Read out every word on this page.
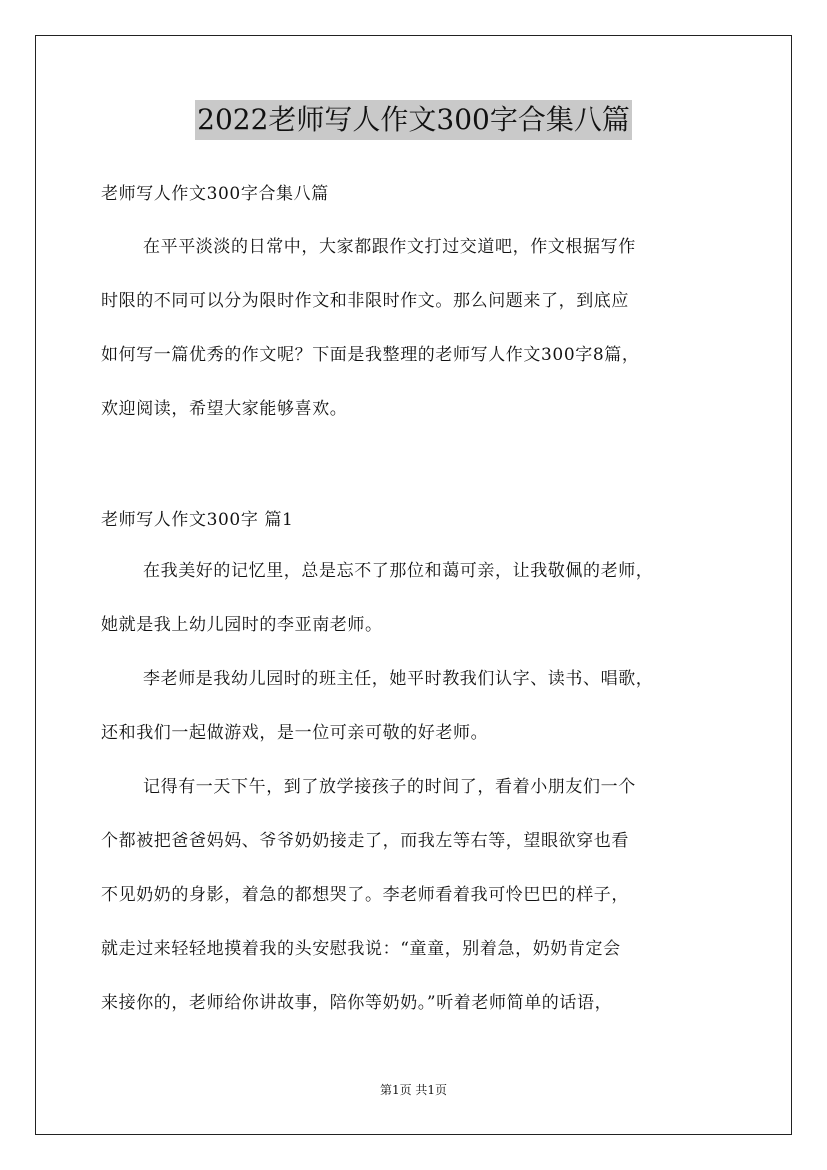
2022老师写人作文300字合集八篇
老师写人作文300字合集八篇
在平平淡淡的日常中，大家都跟作文打过交道吧，作文根据写作
时限的不同可以分为限时作文和非限时作文。那么问题来了，到底应
如何写一篇优秀的作文呢？下面是我整理的老师写人作文300字8篇，
欢迎阅读，希望大家能够喜欢。
老师写人作文300字 篇1
在我美好的记忆里，总是忘不了那位和蔼可亲，让我敬佩的老师，
她就是我上幼儿园时的李亚南老师。
李老师是我幼儿园时的班主任，她平时教我们认字、读书、唱歌，
还和我们一起做游戏，是一位可亲可敬的好老师。
记得有一天下午，到了放学接孩子的时间了，看着小朋友们一个
个都被把爸爸妈妈、爷爷奶奶接走了，而我左等右等，望眼欲穿也看
不见奶奶的身影，着急的都想哭了。李老师看着我可怜巴巴的样子，
就走过来轻轻地摸着我的头安慰我说：“童童，别着急，奶奶肯定会
来接你的，老师给你讲故事，陪你等奶奶。”听着老师简单的话语，
第1页 共1页
